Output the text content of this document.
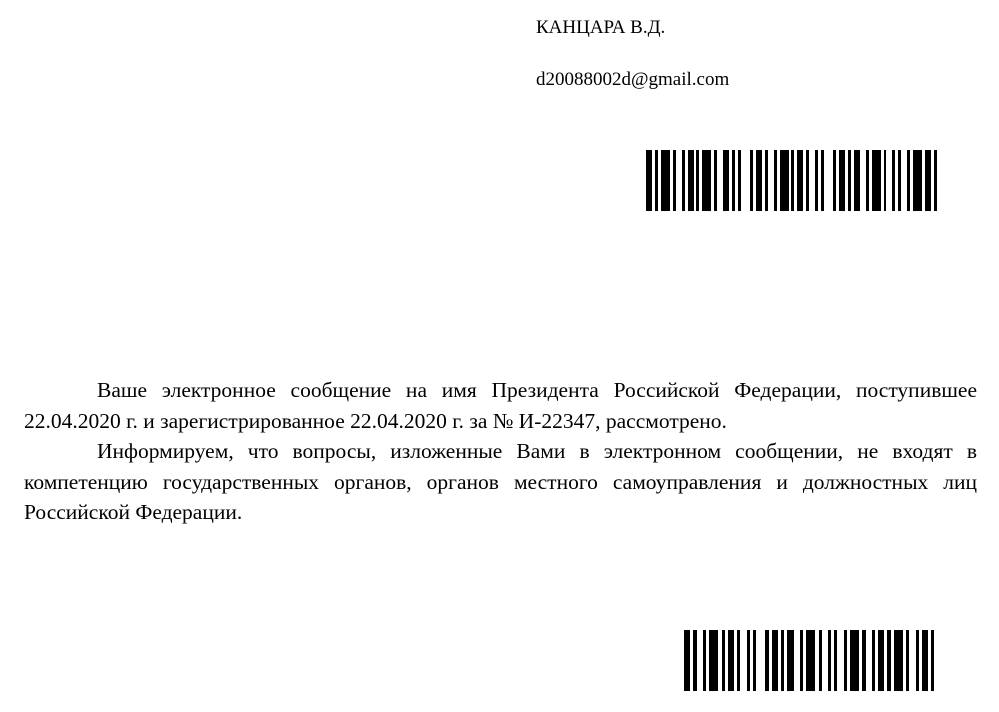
КАНЦАРА В.Д.
d20088002d@gmail.com

Ваше электронное сообщение на имя Президента Российской Федерации, поступившее 22.04.2020 г. и зарегистрированное 22.04.2020 г. за № И-22347, рассмотрено.

Информируем, что вопросы, изложенные Вами в электронном сообщении, не входят в компетенцию государственных органов, органов местного самоуправления и должностных лиц Российской Федерации.
